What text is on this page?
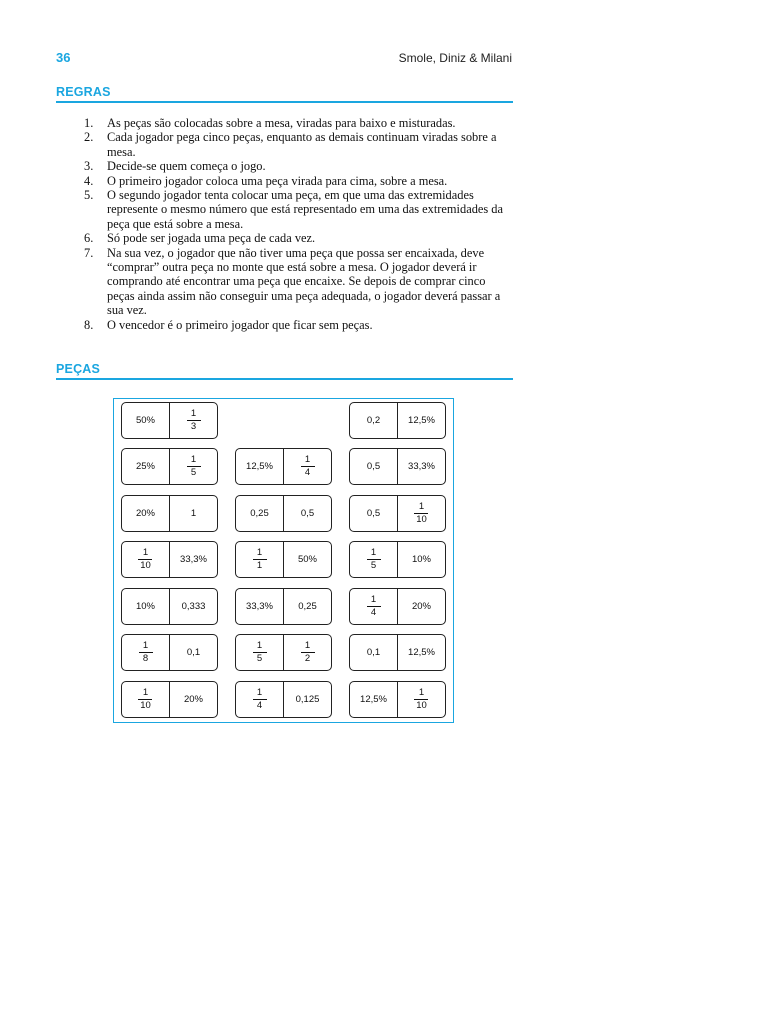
36	Smole, Diniz & Milani
REGRAS
1.	As peças são colocadas sobre a mesa, viradas para baixo e misturadas.
2.	Cada jogador pega cinco peças, enquanto as demais continuam viradas sobre a mesa.
3.	Decide-se quem começa o jogo.
4.	O primeiro jogador coloca uma peça virada para cima, sobre a mesa.
5.	O segundo jogador tenta colocar uma peça, em que uma das extremidades represente o mesmo número que está representado em uma das extremidades da peça que está sobre a mesa.
6.	Só pode ser jogada uma peça de cada vez.
7.	Na sua vez, o jogador que não tiver uma peça que possa ser encaixada, deve “comprar” outra peça no monte que está sobre a mesa. O jogador deverá ir comprando até encontrar uma peça que encaixe. Se depois de comprar cinco peças ainda assim não conseguir uma peça adequada, o jogador deverá passar a sua vez.
8.	O vencedor é o primeiro jogador que ficar sem peças.
PEÇAS
50%	$\frac{1}{3}$
25%	$\frac{1}{5}$
20%	1
$\frac{1}{10}$	33,3%
10%	0,333
$\frac{1}{8}$	0,1
$\frac{1}{10}$	20%
12,5%	$\frac{1}{4}$
0,25	0,5
$\frac{1}{1}$	50%
33,3%	0,25
$\frac{1}{5}$	$\frac{1}{2}$
$\frac{1}{4}$	0,125
0,2	12,5%
0,5	33,3%
0,5	$\frac{1}{10}$
$\frac{1}{5}$	10%
$\frac{1}{4}$	20%
0,1	12,5%
12,5%	$\frac{1}{10}$
